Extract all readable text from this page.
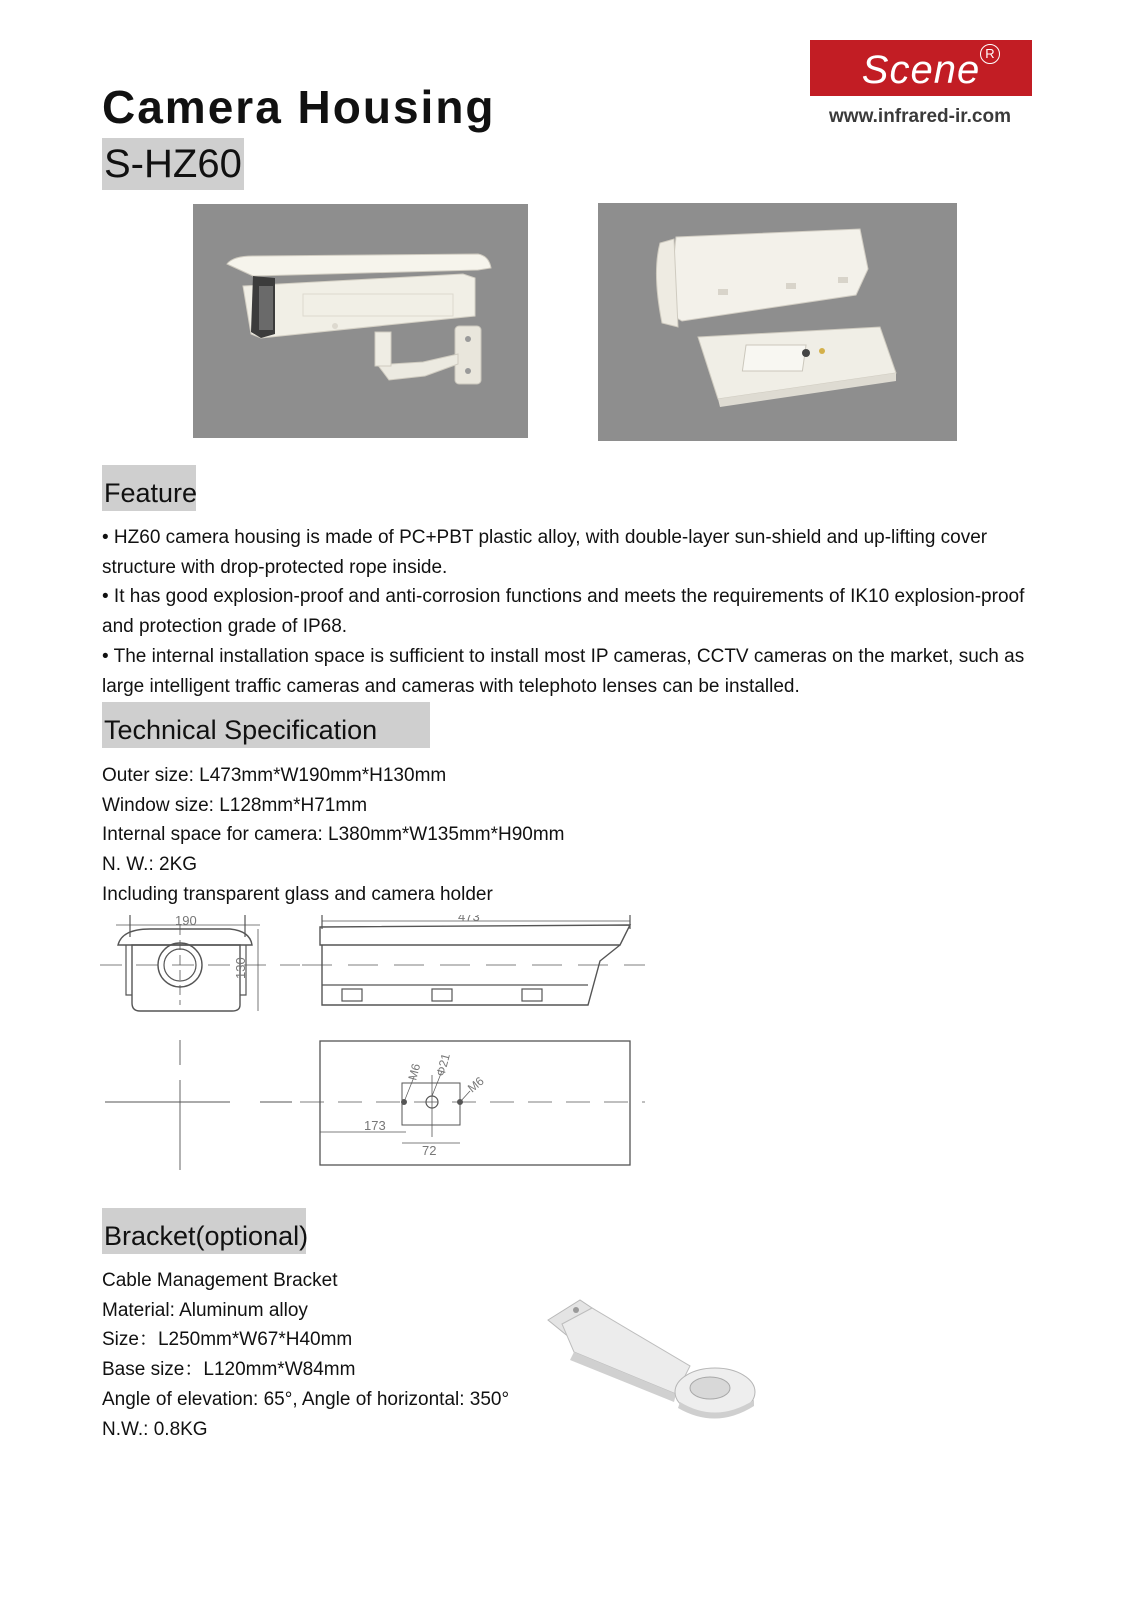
Scene R
www.infrared-ir.com
Camera Housing
S-HZ60
Feature

• HZ60 camera housing is made of PC+PBT plastic alloy, with double-layer sun-shield and up-lifting cover structure with drop-protected rope inside.

• It has good explosion-proof and anti-corrosion functions and meets the requirements of IK10 explosion-proof and protection grade of IP68.

• The internal installation space is sufficient to install most IP cameras, CCTV cameras on the market, such as large intelligent traffic cameras and cameras with telephoto lenses can be installed.

Technical Specification
Outer size: L473mm*W190mm*H130mm
Window size: L128mm*H71mm
Internal space for camera: L380mm*W135mm*H90mm
N. W.: 2KG
Including transparent glass and camera holder
190
130
473
M6 Φ21
M6
173
72
Bracket(optional)
Cable Management Bracket
Material: Aluminum alloy
Size：L250mm*W67*H40mm
Base size：L120mm*W84mm
Angle of elevation: 65°, Angle of horizontal: 350°
N.W.: 0.8KG
